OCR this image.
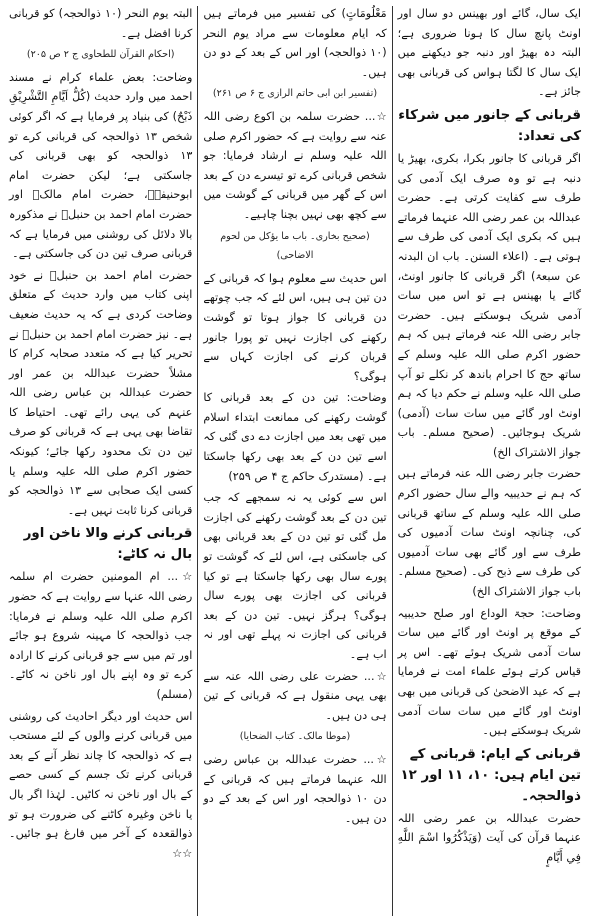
ایک سال، گائے اور بھینس دو سال اور اونٹ پانچ سال کا ہونا ضروری ہے؛ البتہ دہ بھیڑ اور دنبہ جو دیکھنے میں ایک سال کا لگتا ہواس کی قربانی بھی جائز ہے۔

قربانی کے جانور میں شرکاء کی تعداد:

اگر قربانی کا جانور بکرا، بکری، بھیڑ یا دنبہ ہے تو وہ صرف ایک آدمی کی طرف سے کفایت کرتی ہے۔ حضرت عبداللہ بن عمر رضی اللہ عنہما فرماتے ہیں کہ بکری ایک آدمی کی طرف سے ہوتی ہے۔ (اعلاء السنن۔ باب ان البدنہ عن سبعۃ) اگر قربانی کا جانور اونٹ، گائے یا بھینس ہے تو اس میں سات آدمی شریک ہوسکتے ہیں۔ حضرت جابر رضی اللہ عنہ فرماتے ہیں کہ ہم حضور اکرم صلی اللہ علیہ وسلم کے ساتھ حج کا احرام باندھ کر نکلے تو آپ صلی اللہ علیہ وسلم نے حکم دیا کہ ہم اونٹ اور گائے میں سات سات (آدمی) شریک ہوجائیں۔ (صحیح مسلم۔ باب جواز الاشتراک الخ)

حضرت جابر رضی اللہ عنہ فرماتے ہیں کہ ہم نے حدیبیہ والے سال حضور اکرم صلی اللہ علیہ وسلم کے ساتھ قربانی کی، چنانچہ اونٹ سات آدمیوں کی طرف سے اور گائے بھی سات آدمیوں کی طرف سے ذبح کی۔ (صحیح مسلم۔ باب جواز الاشتراک الخ)

وضاحت: حجۃ الوداع اور صلح حدیبیہ کے موقع پر اونٹ اور گائے میں سات سات آدمی شریک ہوئے تھے۔ اس پر قیاس کرتے ہوئے علماء امت نے فرمایا ہے کہ عید الاضحیٰ کی قربانی میں بھی اونٹ اور گائے میں سات سات آدمی شریک ہوسکتے ہیں۔

قربانی کے ایام: قربانی کے تین ایام ہیں: ۱۰، ۱۱ اور ۱۲ ذوالحجہ۔

حضرت عبداللہ بن عمر رضی اللہ عنہما قرآن کی آیت (وَيَذْكُرُوا اسْمَ اللَّهِ فِي أَيَّامٍ

مَعْلُومَاتٍ) کی تفسیر میں فرماتے ہیں کہ ایام معلومات سے مراد یوم النحر (۱۰ ذوالحجہ) اور اس کے بعد کے دو دن ہیں۔

(تفسیر ابن ابی حاتم الرازی ج ۶ ص ۲۶۱)

☆... حضرت سلمہ بن اکوع رضی اللہ عنہ سے روایت ہے کہ حضور اکرم صلی اللہ علیہ وسلم نے ارشاد فرمایا: جو شخص قربانی کرے تو تیسرے دن کے بعد اس کے گھر میں قربانی کے گوشت میں سے کچھ بھی نہیں بچنا چاہیے۔

(صحیح بخاری۔ باب ما یؤکل من لحوم الاضاحی)

اس حدیث سے معلوم ہوا کہ قربانی کے دن تین ہی ہیں، اس لئے کہ جب چوتھے دن قربانی کا جواز ہوتا تو گوشت رکھنے کی اجازت نہیں تو پورا جانور قربان کرنے کی اجازت کہاں سے ہوگی؟

وضاحت: تین دن کے بعد قربانی کا گوشت رکھنے کی ممانعت ابتداء اسلام میں تھی بعد میں اجازت دے دی گئی کہ اسے تین دن کے بعد بھی رکھا جاسکتا ہے۔ (مستدرک حاکم ج ۴ ص ۲۵۹)

اس سے کوئی یہ نہ سمجھے کہ جب تین دن کے بعد گوشت رکھنے کی اجازت مل گئی تو تین دن کے بعد قربانی بھی کی جاسکتی ہے، اس لئے کہ گوشت تو پورے سال بھی رکھا جاسکتا ہے تو کیا قربانی کی اجازت بھی پورے سال ہوگی؟ ہرگز نہیں۔ تین دن کے بعد قربانی کی اجازت نہ پہلے تھی اور نہ اب ہے۔

☆... حضرت علی رضی اللہ عنہ سے بھی یہی منقول ہے کہ قربانی کے تین ہی دن ہیں۔

(موطا مالک۔ کتاب الضحایا)

☆... حضرت عبداللہ بن عباس رضی اللہ عنہما فرماتے ہیں کہ قربانی کے دن ۱۰ ذوالحجہ اور اس کے بعد کے دو دن ہیں۔

البتہ یوم النحر (۱۰ ذوالحجہ) کو قربانی کرنا افضل ہے۔

(احکام القرآن للطحاوی ج ۲ ص ۲۰۵)

وضاحت: بعض علماء کرام نے مسند احمد میں وارد حدیث (کُلُّ اَیَّامِ التَّشْرِیْقِ ذَبْحٌ) کی بنیاد پر فرمایا ہے کہ اگر کوئی شخص ۱۳ ذوالحجہ کی قربانی کرے تو ۱۳ ذوالحجہ کو بھی قربانی کی جاسکتی ہے؛ لیکن حضرت امام ابوحنیفہؒ، حضرت امام مالکؒ اور حضرت امام احمد بن حنبلؒ نے مذکورہ بالا دلائل کی روشنی میں فرمایا ہے کہ قربانی صرف تین دن کی جاسکتی ہے۔

حضرت امام احمد بن حنبلؒ نے خود اپنی کتاب میں وارد حدیث کے متعلق وضاحت کردی ہے کہ یہ حدیث ضعیف ہے۔ نیز حضرت امام احمد بن حنبلؒ نے تحریر کیا ہے کہ متعدد صحابہ کرام کا مشلاً حضرت عبداللہ بن عمر اور حضرت عبداللہ بن عباس رضی اللہ عنہم کی یہی رائے تھی۔ احتیاط کا تقاضا بھی یہی ہے کہ قربانی کو صرف تین دن تک محدود رکھا جائے؛ کیونکہ حضور اکرم صلی اللہ علیہ وسلم یا کسی ایک صحابی سے ۱۳ ذوالحجہ کو قربانی کرنا ثابت نہیں ہے۔

قربانی کرنے والا ناخن اور بال نہ کاٹے:

☆... ام المومنین حضرت ام سلمہ رضی اللہ عنہا سے روایت ہے کہ حضور اکرم صلی اللہ علیہ وسلم نے فرمایا: جب ذوالحجہ کا مہینہ شروع ہو جائے اور تم میں سے جو قربانی کرنے کا ارادہ کرے تو وہ اپنے بال اور ناخن نہ کاٹے۔ (مسلم)

اس حدیث اور دیگر احادیث کی روشنی میں قربانی کرنے والوں کے لئے مستحب ہے کہ ذوالحجہ کا چاند نظر آنے کے بعد قربانی کرنے تک جسم کے کسی حصے کے بال اور ناخن نہ کاٹیں۔ لہٰذا اگر بال یا ناخن وغیرہ کاٹنے کی ضرورت ہو تو ذوالقعدہ کے آخر میں فارغ ہو جائیں۔ ☆☆
